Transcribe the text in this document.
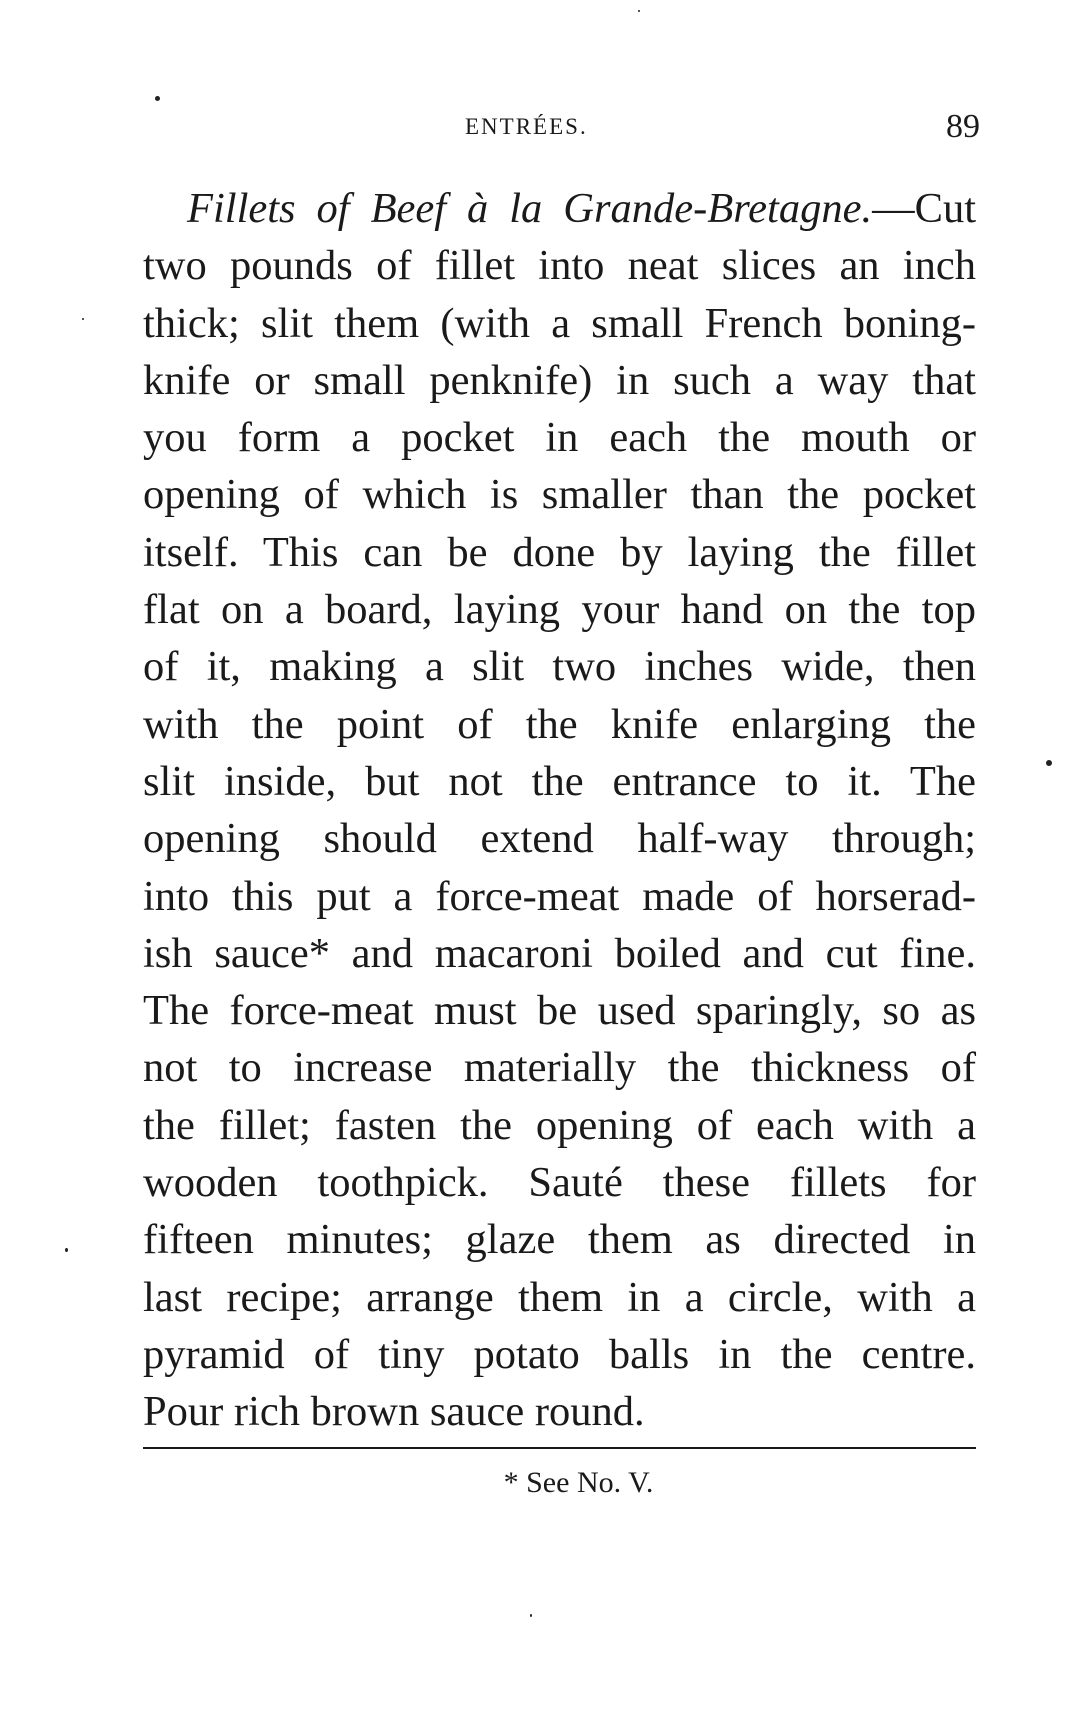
ENTRÉES.	89
Fillets of Beef à la Grande-Bretagne.—Cut
two pounds of fillet into neat slices an inch
thick; slit them (with a small French boning-
knife or small penknife) in such a way that
you form a pocket in each the mouth or
opening of which is smaller than the pocket
itself. This can be done by laying the fillet
flat on a board, laying your hand on the top
of it, making a slit two inches wide, then
with the point of the knife enlarging the
slit inside, but not the entrance to it. The
opening should extend half-way through;
into this put a force-meat made of horserad-
ish sauce* and macaroni boiled and cut fine.
The force-meat must be used sparingly, so as
not to increase materially the thickness of
the fillet; fasten the opening of each with a
wooden toothpick. Sauté these fillets for
fifteen minutes; glaze them as directed in
last recipe; arrange them in a circle, with a
pyramid of tiny potato balls in the centre.
Pour rich brown sauce round.
* See No. V.
